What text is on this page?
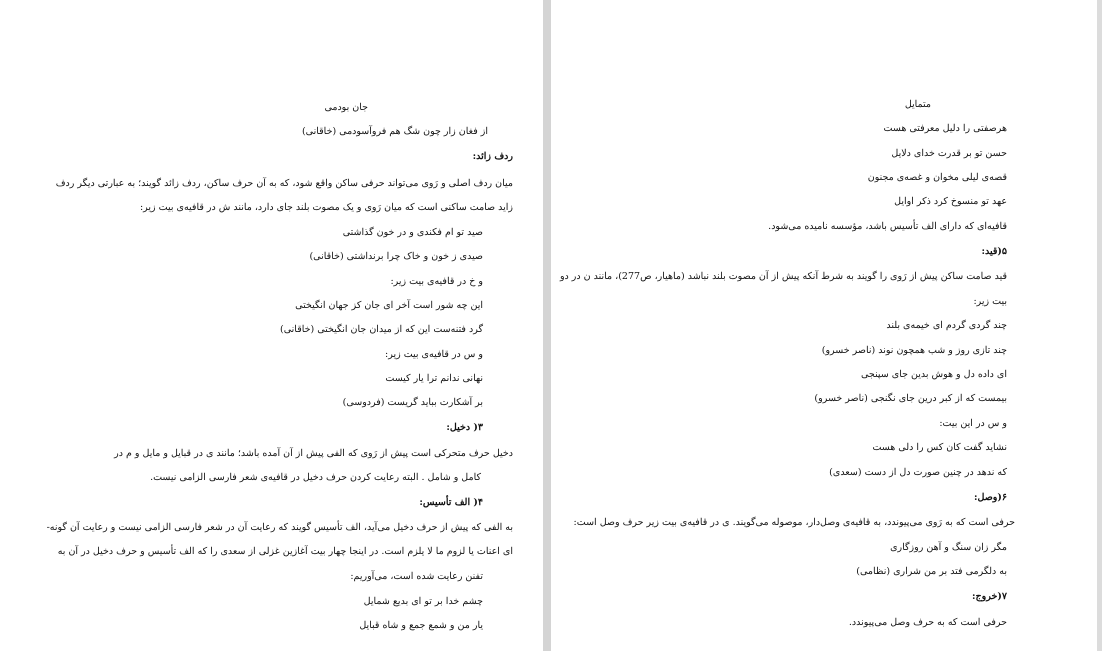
جان بودمی
از فغان زار چون شگ هم فروآسودمی (خاقانی)
ردف زائد:
میان ردف اصلی و رَوی می‌تواند حرفی ساکن واقع شود، که به آن حرف ساکن، ردف زائد گویند؛ به عبارتی دیگر ردف
زاید صامت ساکنی است که میان رَوی و یک مصوت بلند جای دارد، مانند ش در قافیه‌ی بیت زیر:
صید تو ام فکندی و در خون گذاشتی
صیدی ز خون و خاک چرا برنداشتی (خاقانی)
و خ در قافیه‌ی بیت زیر:
این چه شور است آخر ای جان کز جهان انگیختی
گرد فتنه‌ست این که از میدان جان انگیختی (خاقانی)
و س در قافیه‌ی بیت زیر:
نهانی ندانم ترا یار کیست
بر آشکارت بباید گریست (فردوسی)
۳( دخیل:
دخیل حرف متحرکی است پیش از رَوی که الفی پیش از آن آمده باشد؛ مانند ی در قبایل و مایل و م در
کامل و شامل . البته رعایت کردن حرف دخیل در قافیه‌ی شعر فارسی الزامی نیست.
۴( الف تأسیس:
به الفی که پیش از حرف دخیل می‌آید، الف تأسیس گویند که رعایت آن در شعر فارسی الزامی نیست و رعایت آن گونه-
ای اعنات یا لزوم ما لا یلزم است. در اینجا چهار بیت آغازین غزلی از سعدی را که الف تأسیس و حرف دخیل در آن به
تفنن رعایت شده است، می‌آوریم:
چشم خدا بر تو ای بدیع شمایل
یار من و شمع جمع و شاه قبایل
متمایل
هرصفتی را دلیل معرفتی هست
حسن تو بر قدرت خدای دلایل
قصه‌ی لیلی مخوان و غصه‌ی مجنون
عهد تو منسوخ کرد ذکر اوایل
قافیه‌ای که دارای الف تأسیس باشد، مؤسسه نامیده می‌شود.
۵(قید:
قید صامت ساکن پیش از رَوی را گویند به شرط آنکه پیش از آن مصوت بلند نباشد (ماهیار، ص277)، مانند ن در دو
بیت زیر:
چند گردی گردم ای خیمه‌ی بلند
چند تازی روز و شب همچون نوند (ناصر خسرو)
ای داده دل و هوش بدین جای سپنجی
بیمست که از کبر درین جای نگنجی (ناصر خسرو)
و س در این بیت:
نشاید گفت کان کس را دلی هست
که ندهد در چنین صورت دل از دست (سعدی)
۶(وصل:
حرفی است که به رَوی می‌پیوندد، به قافیه‌ی وصل‌دار، موصوله می‌گویند. ی در قافیه‌ی بیت زیر حرف وصل است:
مگر زان سنگ و آهن روزگاری
به دلگرمی فتد بر من شراری (نظامی)
۷(خروج:
حرفی است که به حرف وصل می‌پیوندد.
